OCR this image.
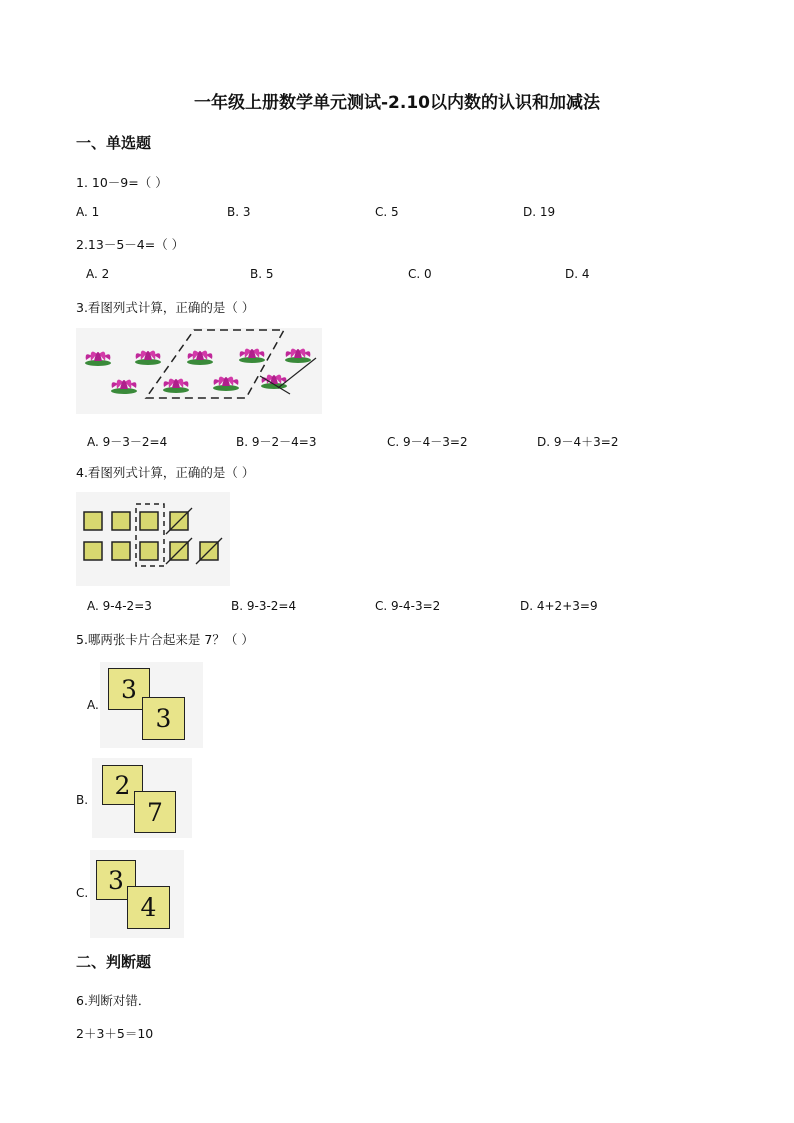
一年级上册数学单元测试-2.10以内数的认识和加减法
一、单选题
1. 10－9=（ ）
A. 1	B. 3	C. 5	D. 19
2.13－5－4=（ ）
A. 2	B. 5	C. 0	D. 4
3.看图列式计算，正确的是（ ）
A. 9－3－2=4	B. 9－2－4=3	C. 9－4－3=2	D. 9－4＋3=2
4.看图列式计算，正确的是（ ）
A. 9-4-2=3	B. 9-3-2=4	C. 9-4-3=2	D. 4+2+3=9
5.哪两张卡片合起来是 7？（ ）
A.
3
3
B.
2
7
C. 3
4
二、判断题
6.判断对错．
2＋3＋5＝10
